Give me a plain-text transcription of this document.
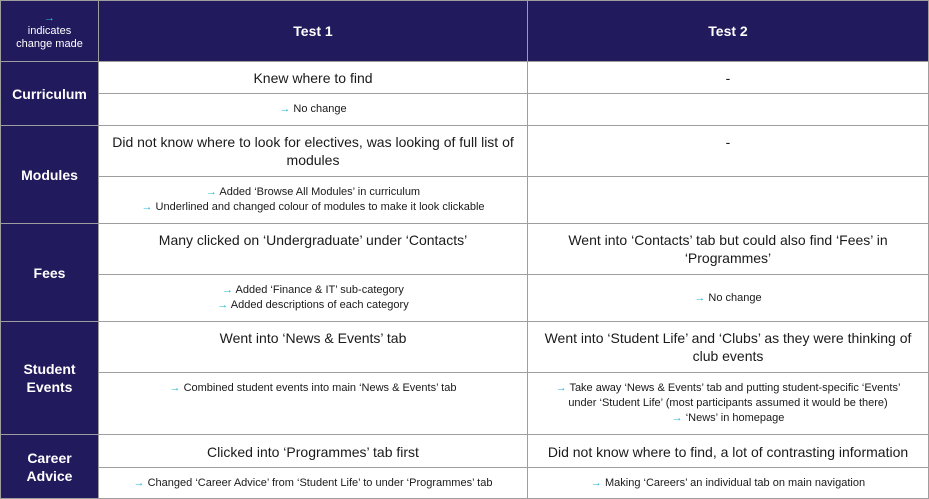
→
indicates
change made	Test 1	Test 2
Curriculum	Knew where to find	-

	→ No change	

Modules	Did not know where to look for electives, was looking of full list of modules	-

	→ Added ‘Browse All Modules’ in curriculum
→ Underlined and changed colour of modules to make it look clickable	

Fees	Many clicked on ‘Undergraduate’ under ‘Contacts’	Went into ‘Contacts’ tab but could also find ‘Fees’ in ‘Programmes’

	→ Added ‘Finance & IT’ sub-category
→ Added descriptions of each category	→ No change

Student
Events	Went into ‘News & Events’ tab	Went into ‘Student Life’ and ‘Clubs’ as they were thinking of club events

	→ Combined student events into main ‘News & Events’ tab	→ Take away ‘News & Events’ tab and putting student-specific ‘Events’
under ‘Student Life’ (most participants assumed it would be there)
→ ‘News’ in homepage

Career
Advice	Clicked into ‘Programmes’ tab first	Did not know where to find, a lot of contrasting information

	→ Changed ‘Career Advice’ from ‘Student Life’ to under ‘Programmes’ tab	→ Making ‘Careers’ an individual tab on main navigation
